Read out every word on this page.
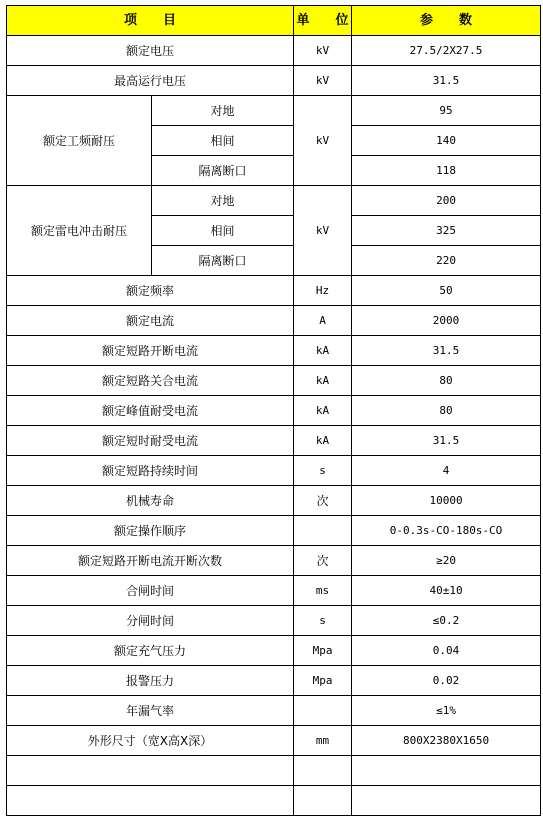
项　　目		单　　位	参　　数
额定电压		kV	27.5/2X27.5
最高运行电压		kV	31.5
额定工频耐压	对地	kV	95
	相间		140
	隔离断口		118
额定雷电冲击耐压	对地	kV	200
	相间		325
	隔离断口		220
额定频率		Hz	50
额定电流		A	2000
额定短路开断电流		kA	31.5
额定短路关合电流		kA	80
额定峰值耐受电流		kA	80
额定短时耐受电流		kA	31.5
额定短路持续时间		s	4
机械寿命		次	10000
额定操作顺序			0-0.3s-CO-180s-CO
额定短路开断电流开断次数		次	≥20
合闸时间		ms	40±10
分闸时间		s	≤0.2
额定充气压力		Mpa	0.04
报警压力		Mpa	0.02
年漏气率			≤1%
外形尺寸（宽X高X深）		mm	800X2380X1650
